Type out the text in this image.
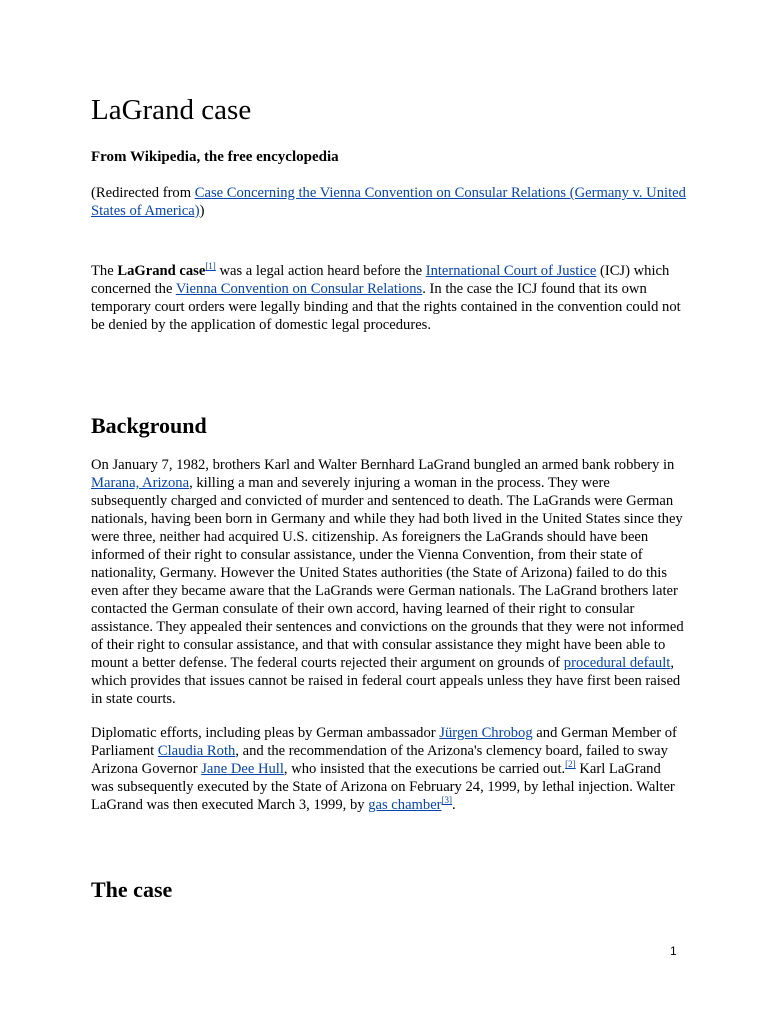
LaGrand case
From Wikipedia, the free encyclopedia

(Redirected from Case Concerning the Vienna Convention on Consular Relations (Germany v. United States of America))

The LaGrand case[1] was a legal action heard before the International Court of Justice (ICJ) which concerned the Vienna Convention on Consular Relations. In the case the ICJ found that its own temporary court orders were legally binding and that the rights contained in the convention could not be denied by the application of domestic legal procedures.

Background

On January 7, 1982, brothers Karl and Walter Bernhard LaGrand bungled an armed bank robbery in Marana, Arizona, killing a man and severely injuring a woman in the process. They were subsequently charged and convicted of murder and sentenced to death. The LaGrands were German nationals, having been born in Germany and while they had both lived in the United States since they were three, neither had acquired U.S. citizenship. As foreigners the LaGrands should have been informed of their right to consular assistance, under the Vienna Convention, from their state of nationality, Germany. However the United States authorities (the State of Arizona) failed to do this even after they became aware that the LaGrands were German nationals. The LaGrand brothers later contacted the German consulate of their own accord, having learned of their right to consular assistance. They appealed their sentences and convictions on the grounds that they were not informed of their right to consular assistance, and that with consular assistance they might have been able to mount a better defense. The federal courts rejected their argument on grounds of procedural default, which provides that issues cannot be raised in federal court appeals unless they have first been raised in state courts.

Diplomatic efforts, including pleas by German ambassador Jürgen Chrobog and German Member of Parliament Claudia Roth, and the recommendation of the Arizona's clemency board, failed to sway Arizona Governor Jane Dee Hull, who insisted that the executions be carried out.[2] Karl LaGrand was subsequently executed by the State of Arizona on February 24, 1999, by lethal injection. Walter LaGrand was then executed March 3, 1999, by gas chamber[3].

The case
1
